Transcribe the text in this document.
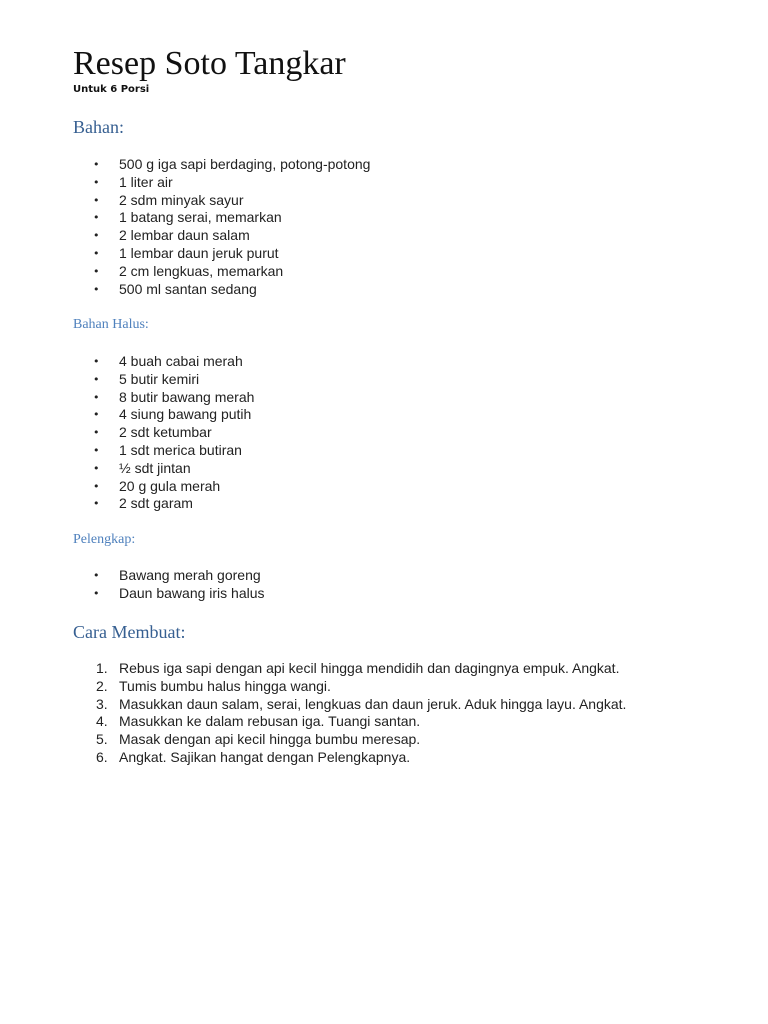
Resep Soto Tangkar
Untuk 6 Porsi
Bahan:
• 500 g iga sapi berdaging, potong-potong
• 1 liter air
• 2 sdm minyak sayur
• 1 batang serai, memarkan
• 2 lembar daun salam
• 1 lembar daun jeruk purut
• 2 cm lengkuas, memarkan
• 500 ml santan sedang
Bahan Halus:
• 4 buah cabai merah
• 5 butir kemiri
• 8 butir bawang merah
• 4 siung bawang putih
• 2 sdt ketumbar
• 1 sdt merica butiran
• ½ sdt jintan
• 20 g gula merah
• 2 sdt garam
Pelengkap:
• Bawang merah goreng
• Daun bawang iris halus
Cara Membuat:
1. Rebus iga sapi dengan api kecil hingga mendidih dan dagingnya empuk. Angkat.
2. Tumis bumbu halus hingga wangi.
3. Masukkan daun salam, serai, lengkuas dan daun jeruk. Aduk hingga layu. Angkat.
4. Masukkan ke dalam rebusan iga. Tuangi santan.
5. Masak dengan api kecil hingga bumbu meresap.
6. Angkat. Sajikan hangat dengan Pelengkapnya.
